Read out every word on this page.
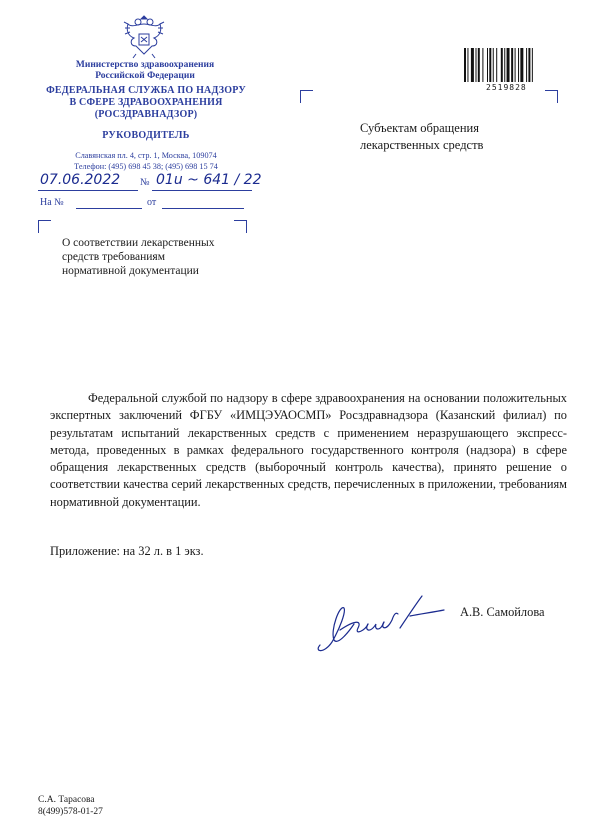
Министерство здравоохранения
Российской Федерации
ФЕДЕРАЛЬНАЯ СЛУЖБА ПО НАДЗОРУ
В СФЕРЕ ЗДРАВООХРАНЕНИЯ
(РОСЗДРАВНАДЗОР)
РУКОВОДИТЕЛЬ
Славянская пл. 4, стр. 1, Москва, 109074
Телефон: (495) 698 45 38; (495) 698 15 74
07.06.2022 № 01u ~ 641 / 22
На №	от
2519828
Субъектам обращения
лекарственных средств
О соответствии лекарственных
средств требованиям
нормативной документации
Федеральной службой по надзору в сфере здравоохранения на основании положительных экспертных заключений ФГБУ «ИМЦЭУАОСМП» Росздравнадзора (Казанский филиал) по результатам испытаний лекарственных средств с применением неразрушающего экспресс-метода, проведенных в рамках федерального государственного контроля (надзора) в сфере обращения лекарственных средств (выборочный контроль качества), принято решение о соответствии качества серий лекарственных средств, перечисленных в приложении, требованиям нормативной документации.
Приложение: на 32 л. в 1 экз.
А.В. Самойлова
С.А. Тарасова
8(499)578-01-27
